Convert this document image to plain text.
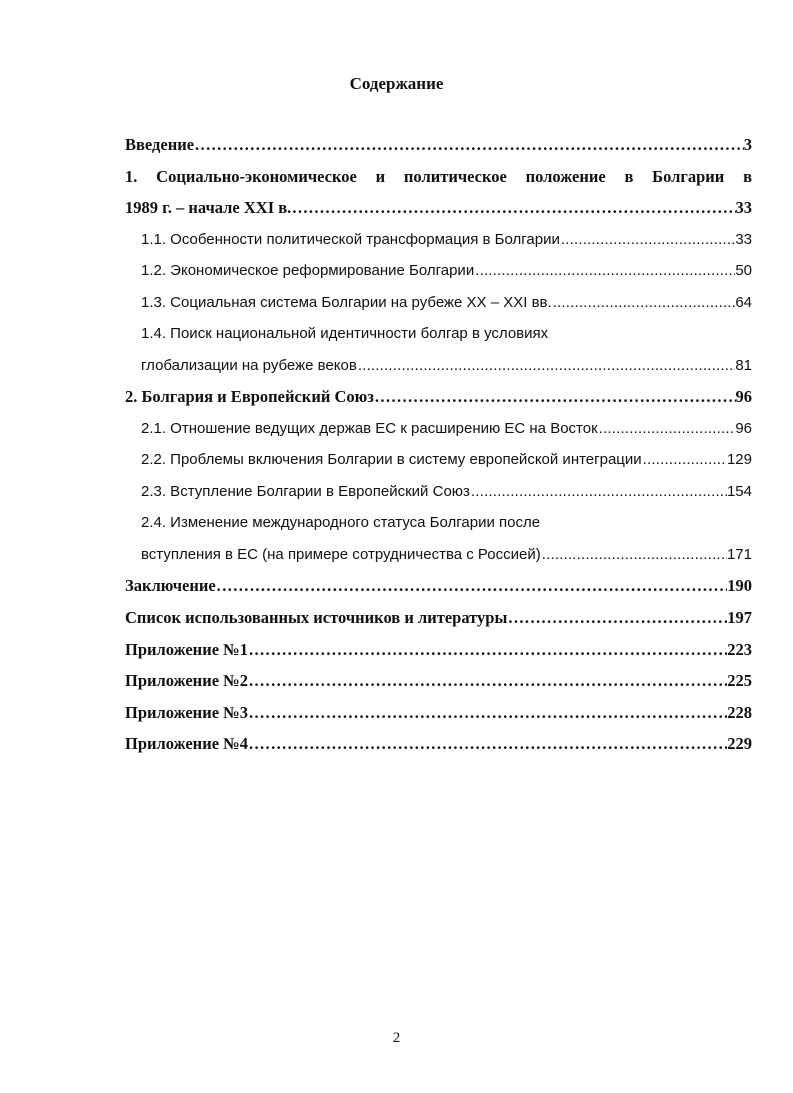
Содержание
Введение .....	3
1. Социально-экономическое и политическое положение в Болгарии в
1989 г. – начале XXI в. .....	33
1.1. Особенности политической трансформация в Болгарии .....	33
1.2. Экономическое реформирование Болгарии .....	50
1.3. Социальная система Болгарии на рубеже XX – XXI вв. .....	64
1.4. Поиск национальной идентичности болгар в условиях
глобализации на рубеже веков .....	81
2. Болгария и Европейский Союз .....	96
2.1. Отношение ведущих держав ЕС к расширению ЕС на Восток .....	96
2.2. Проблемы включения Болгарии в систему европейской интеграции .....	129
2.3. Вступление Болгарии в Европейский Союз .....	154
2.4. Изменение международного статуса Болгарии после
вступления в ЕС (на примере сотрудничества с Россией) .....	171
Заключение .....	190
Список использованных источников и литературы .....	197
Приложение №1 .....	223
Приложение №2 .....	225
Приложение №3 .....	228
Приложение №4 .....	229
2
